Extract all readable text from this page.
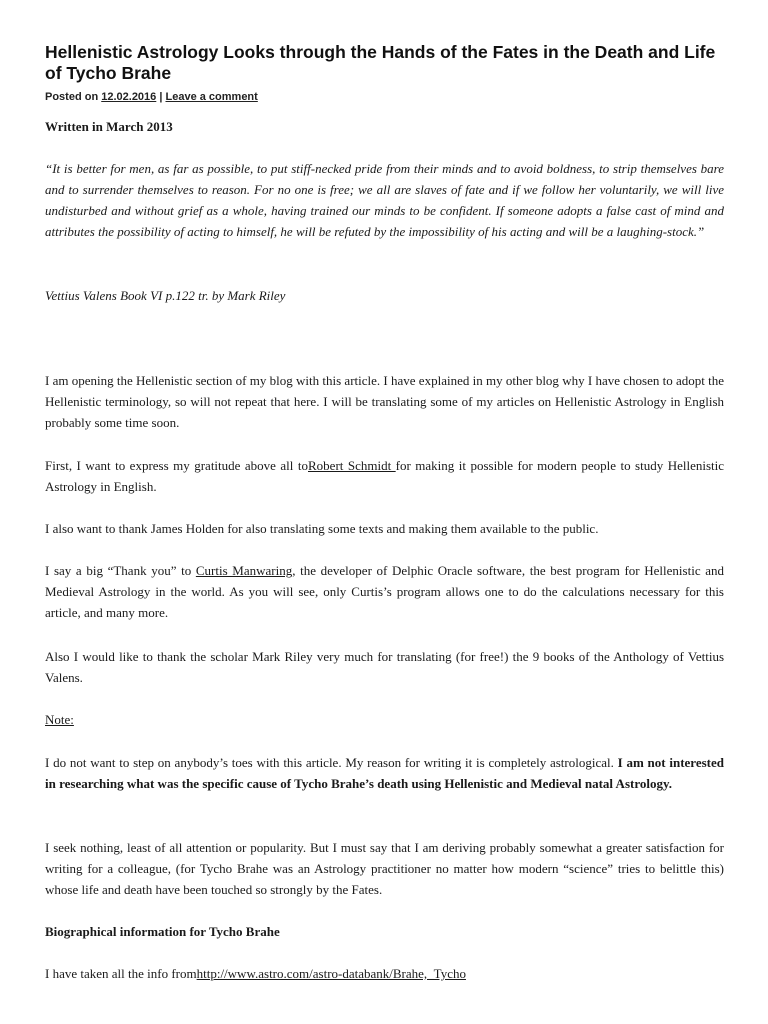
Hellenistic Astrology Looks through the Hands of the Fates in the Death and Life of Tycho Brahe

Posted on 12.02.2016 | Leave a comment

Written in March 2013

“It is better for men, as far as possible, to put stiff-necked pride from their minds and to avoid boldness, to strip themselves bare and to surrender themselves to reason. For no one is free; we all are slaves of fate and if we follow her voluntarily, we will live undisturbed and without grief as a whole, having trained our minds to be confident. If someone adopts a false cast of mind and attributes the possibility of acting to himself, he will be refuted by the impossibility of his acting and will be a laughing-stock.”

Vettius Valens Book VI p.122 tr. by Mark Riley

I am opening the Hellenistic section of my blog with this article. I have explained in my other blog why I have chosen to adopt the Hellenistic terminology, so will not repeat that here. I will be translating some of my articles on Hellenistic Astrology in English probably some time soon.

First, I want to express my gratitude above all toRobert Schmidt for making it possible for modern people to study Hellenistic Astrology in English.

I also want to thank James Holden for also translating some texts and making them available to the public.

I say a big “Thank you” to Curtis Manwaring, the developer of Delphic Oracle software, the best program for Hellenistic and Medieval Astrology in the world. As you will see, only Curtis’s program allows one to do the calculations necessary for this article, and many more.

Also I would like to thank the scholar Mark Riley very much for translating (for free!) the 9 books of the Anthology of Vettius Valens.

Note:

I do not want to step on anybody’s toes with this article. My reason for writing it is completely astrological. I am not interested in researching what was the specific cause of Tycho Brahe’s death using Hellenistic and Medieval natal Astrology.

I seek nothing, least of all attention or popularity. But I must say that I am deriving probably somewhat a greater satisfaction for writing for a colleague, (for Tycho Brahe was an Astrology practitioner no matter how modern “science” tries to belittle this) whose life and death have been touched so strongly by the Fates.

Biographical information for Tycho Brahe

I have taken all the info fromhttp://www.astro.com/astro-databank/Brahe,_Tycho
